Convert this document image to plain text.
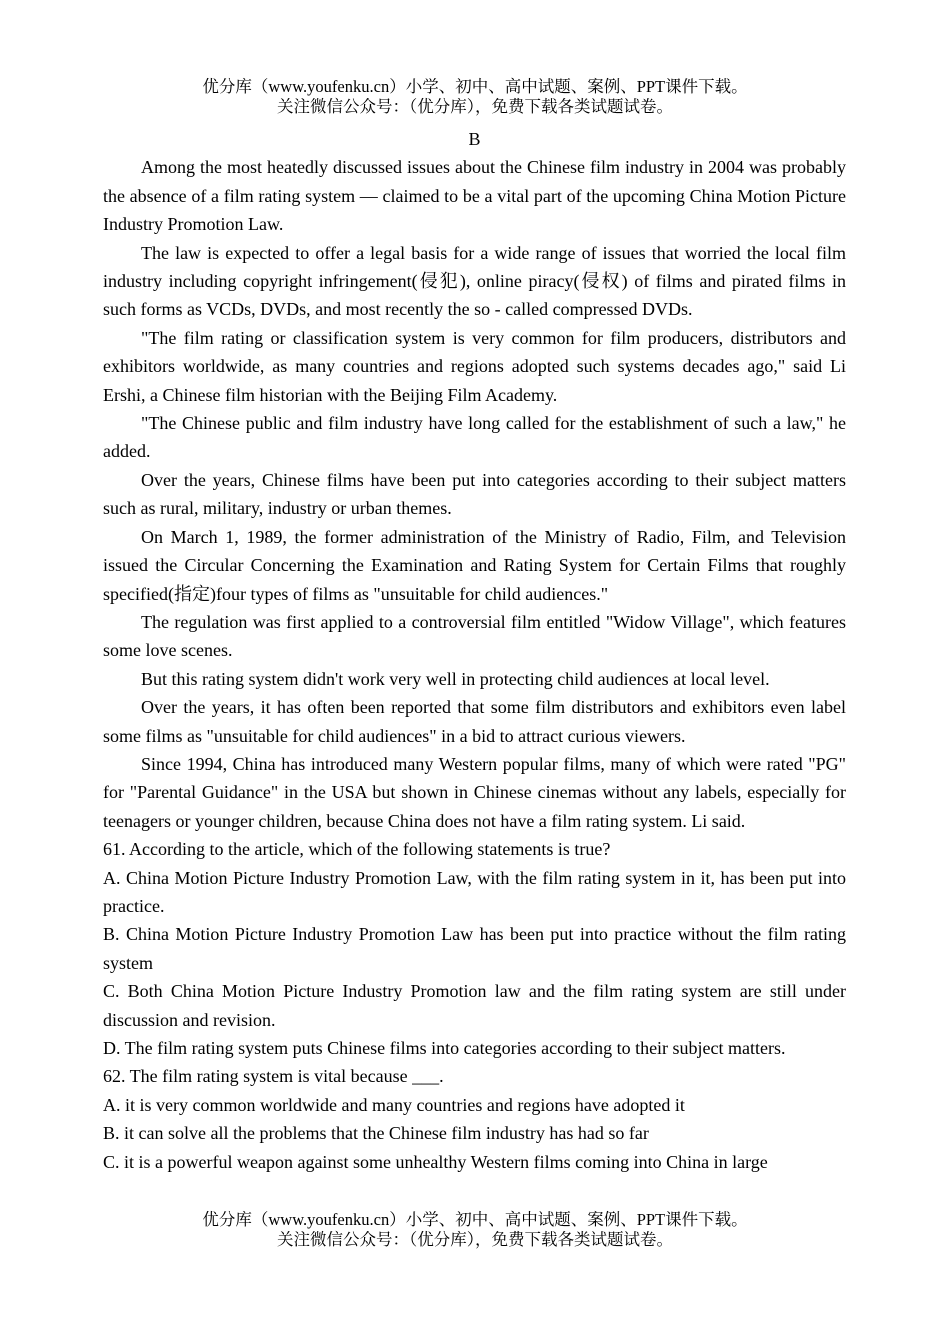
优分库（www.youfenku.cn）小学、初中、高中试题、案例、PPT课件下载。
关注微信公众号：（优分库），免费下载各类试题试卷。

B

Among the most heatedly discussed issues about the Chinese film industry in 2004 was probably the absence of a film rating system — claimed to be a vital part of the upcoming China Motion Picture Industry Promotion Law.

The law is expected to offer a legal basis for a wide range of issues that worried the local film industry including copyright infringement(侵犯), online piracy(侵权) of films and pirated films in such forms as VCDs, DVDs, and most recently the so - called compressed DVDs.

"The film rating or classification system is very common for film producers, distributors and exhibitors worldwide, as many countries and regions adopted such systems decades ago," said Li Ershi, a Chinese film historian with the Beijing Film Academy.

"The Chinese public and film industry have long called for the establishment of such a law," he added.

Over the years, Chinese films have been put into categories according to their subject matters such as rural, military, industry or urban themes.

On March 1, 1989, the former administration of the Ministry of Radio, Film, and Television issued the Circular Concerning the Examination and Rating System for Certain Films that roughly specified(指定)four types of films as "unsuitable for child audiences."

The regulation was first applied to a controversial film entitled "Widow Village", which features some love scenes.

But this rating system didn't work very well in protecting child audiences at local level.

Over the years, it has often been reported that some film distributors and exhibitors even label some films as "unsuitable for child audiences" in a bid to attract curious viewers.

Since 1994, China has introduced many Western popular films, many of which were rated "PG" for "Parental Guidance" in the USA but shown in Chinese cinemas without any labels, especially for teenagers or younger children, because China does not have a film rating system. Li said.

61. According to the article, which of the following statements is true?

A. China Motion Picture Industry Promotion Law, with the film rating system in it, has been put into practice.

B. China Motion Picture Industry Promotion Law has been put into practice without the film rating system

C. Both China Motion Picture Industry Promotion law and the film rating system are still under discussion and revision.

D. The film rating system puts Chinese films into categories according to their subject matters.

62. The film rating system is vital because ___.

A. it is very common worldwide and many countries and regions have adopted it

B. it can solve all the problems that the Chinese film industry has had so far

C. it is a powerful weapon against some unhealthy Western films coming into China in large

优分库（www.youfenku.cn）小学、初中、高中试题、案例、PPT课件下载。
关注微信公众号：（优分库），免费下载各类试题试卷。
